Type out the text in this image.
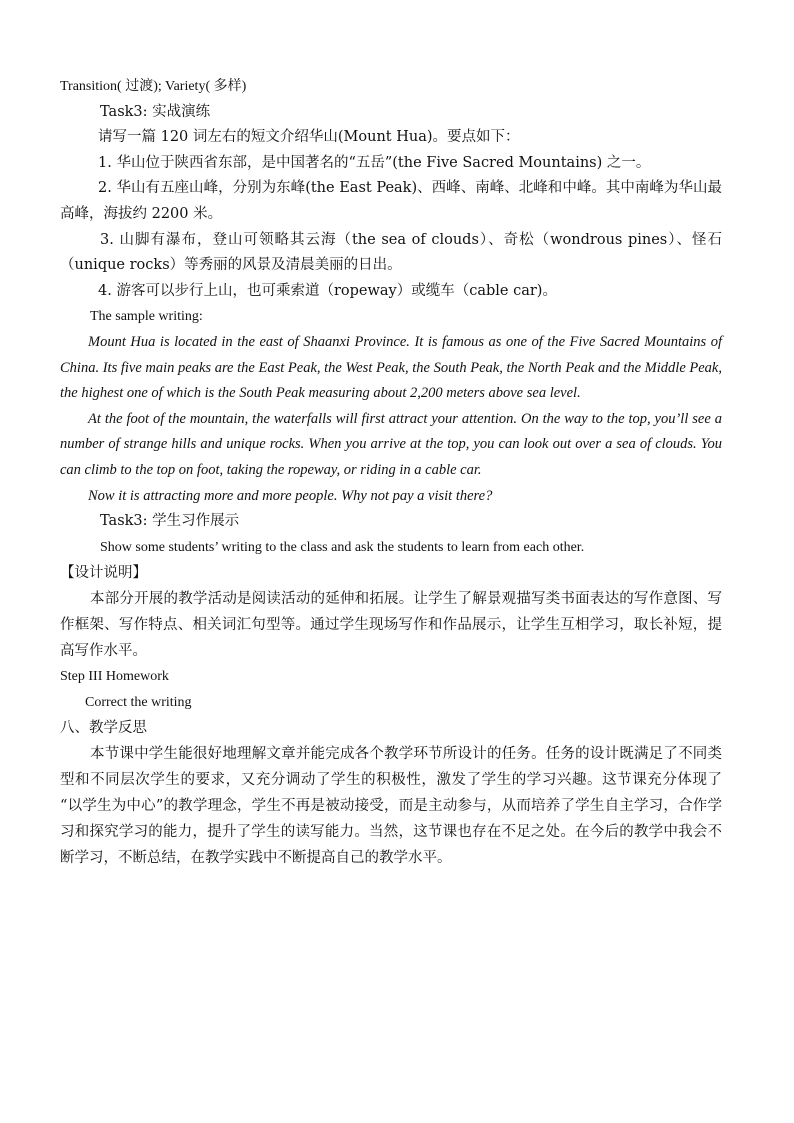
Transition( 过渡); Variety( 多样)
Task3: 实战演练
请写一篇 120 词左右的短文介绍华山(Mount Hua)。要点如下：
1. 华山位于陕西省东部，是中国著名的“五岳”(the Five Sacred Mountains) 之一。
2. 华山有五座山峰，分别为东峰(the East Peak)、西峰、南峰、北峰和中峰。其中南峰为华山最高峰，海拔约 2200 米。
3. 山脚有瀑布，登山可领略其云海（the sea of clouds）、奇松（wondrous pines）、怪石（unique rocks）等秀丽的风景及清晨美丽的日出。
4. 游客可以步行上山，也可乘索道（ropeway）或缆车（cable car)。
The sample writing:
Mount Hua is located in the east of Shaanxi Province. It is famous as one of the Five Sacred Mountains of China. Its five main peaks are the East Peak, the West Peak, the South Peak, the North Peak and the Middle Peak, the highest one of which is the South Peak measuring about 2,200 meters above sea level.
At the foot of the mountain, the waterfalls will first attract your attention. On the way to the top, you’ll see a number of strange hills and unique rocks. When you arrive at the top, you can look out over a sea of clouds. You can climb to the top on foot, taking the ropeway, or riding in a cable car.
Now it is attracting more and more people. Why not pay a visit there?
Task3: 学生习作展示
Show some students’ writing to the class and ask the students to learn from each other.
【设计说明】
本部分开展的教学活动是阅读活动的延伸和拓展。让学生了解景观描写类书面表达的写作意图、写作框架、写作特点、相关词汇句型等。通过学生现场写作和作品展示，让学生互相学习，取长补短，提高写作水平。
Step III Homework
Correct the writing
八、教学反思
本节课中学生能很好地理解文章并能完成各个教学环节所设计的任务。任务的设计既满足了不同类型和不同层次学生的要求，又充分调动了学生的积极性，激发了学生的学习兴趣。这节课充分体现了 “以学生为中心”的教学理念，学生不再是被动接受，而是主动参与，从而培养了学生自主学习，合作学习和探究学习的能力，提升了学生的读写能力。当然，这节课也存在不足之处。在今后的教学中我会不断学习，不断总结，在教学实践中不断提高自己的教学水平。
